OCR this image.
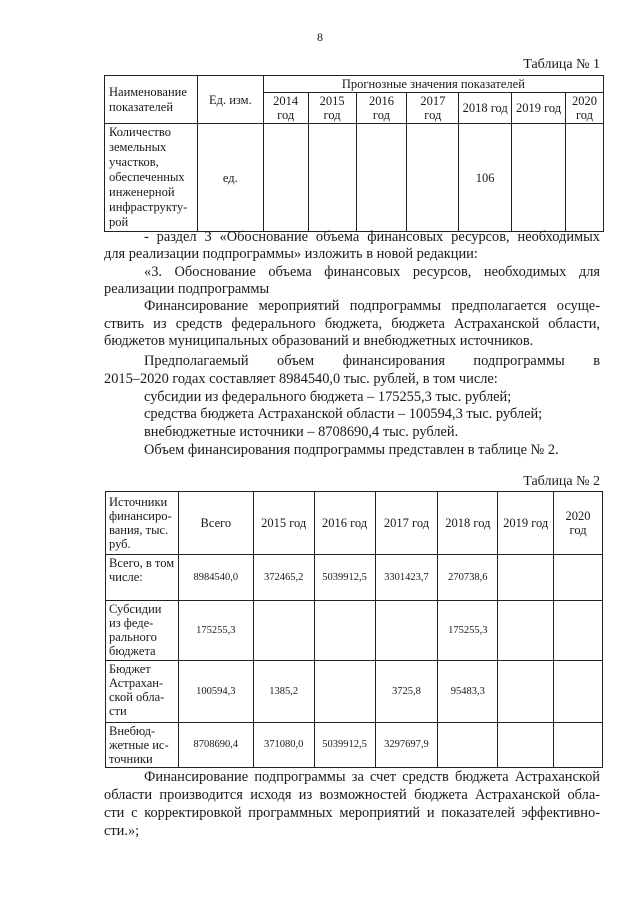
8
Таблица № 1
Наименование показателей	Ед. изм.	Прогнозные значения показателей						
		2014 год	2015 год	2016 год	2017 год	2018 год	2019 год	2020 год
Количество земельных участков, обеспеченных инженерной инфраструкту-рой	ед.					106		
- раздел 3 «Обоснование объема финансовых ресурсов, необходимых
для реализации подпрограммы» изложить в новой редакции:
«3. Обоснование объема финансовых ресурсов, необходимых для
реализации подпрограммы
Финансирование мероприятий подпрограммы предполагается осуще-
ствить из средств федерального бюджета, бюджета Астраханской области,
бюджетов муниципальных образований и внебюджетных источников.
Предполагаемый объем финансирования подпрограммы в
2015–2020 годах составляет 8984540,0 тыс. рублей, в том числе:
субсидии из федерального бюджета – 175255,3 тыс. рублей;
средства бюджета Астраханской области – 100594,3 тыс. рублей;
внебюджетные источники – 8708690,4 тыс. рублей.
Объем финансирования подпрограммы представлен в таблице № 2.
Таблица № 2
Источники финансиро-вания, тыс. руб.	Всего	2015 год	2016 год	2017 год	2018 год	2019 год	2020 год
Всего, в том числе:	8984540,0	372465,2	5039912,5	3301423,7	270738,6		
Субсидии из феде-рального бюджета	175255,3				175255,3		
Бюджет Астрахан-ской обла-сти	100594,3	1385,2		3725,8	95483,3		
Внебюд-жетные ис-точники	8708690,4	371080,0	5039912,5	3297697,9			
Финансирование подпрограммы за счет средств бюджета Астраханской
области производится исходя из возможностей бюджета Астраханской обла-
сти с корректировкой программных мероприятий и показателей эффективно-
сти.»;
